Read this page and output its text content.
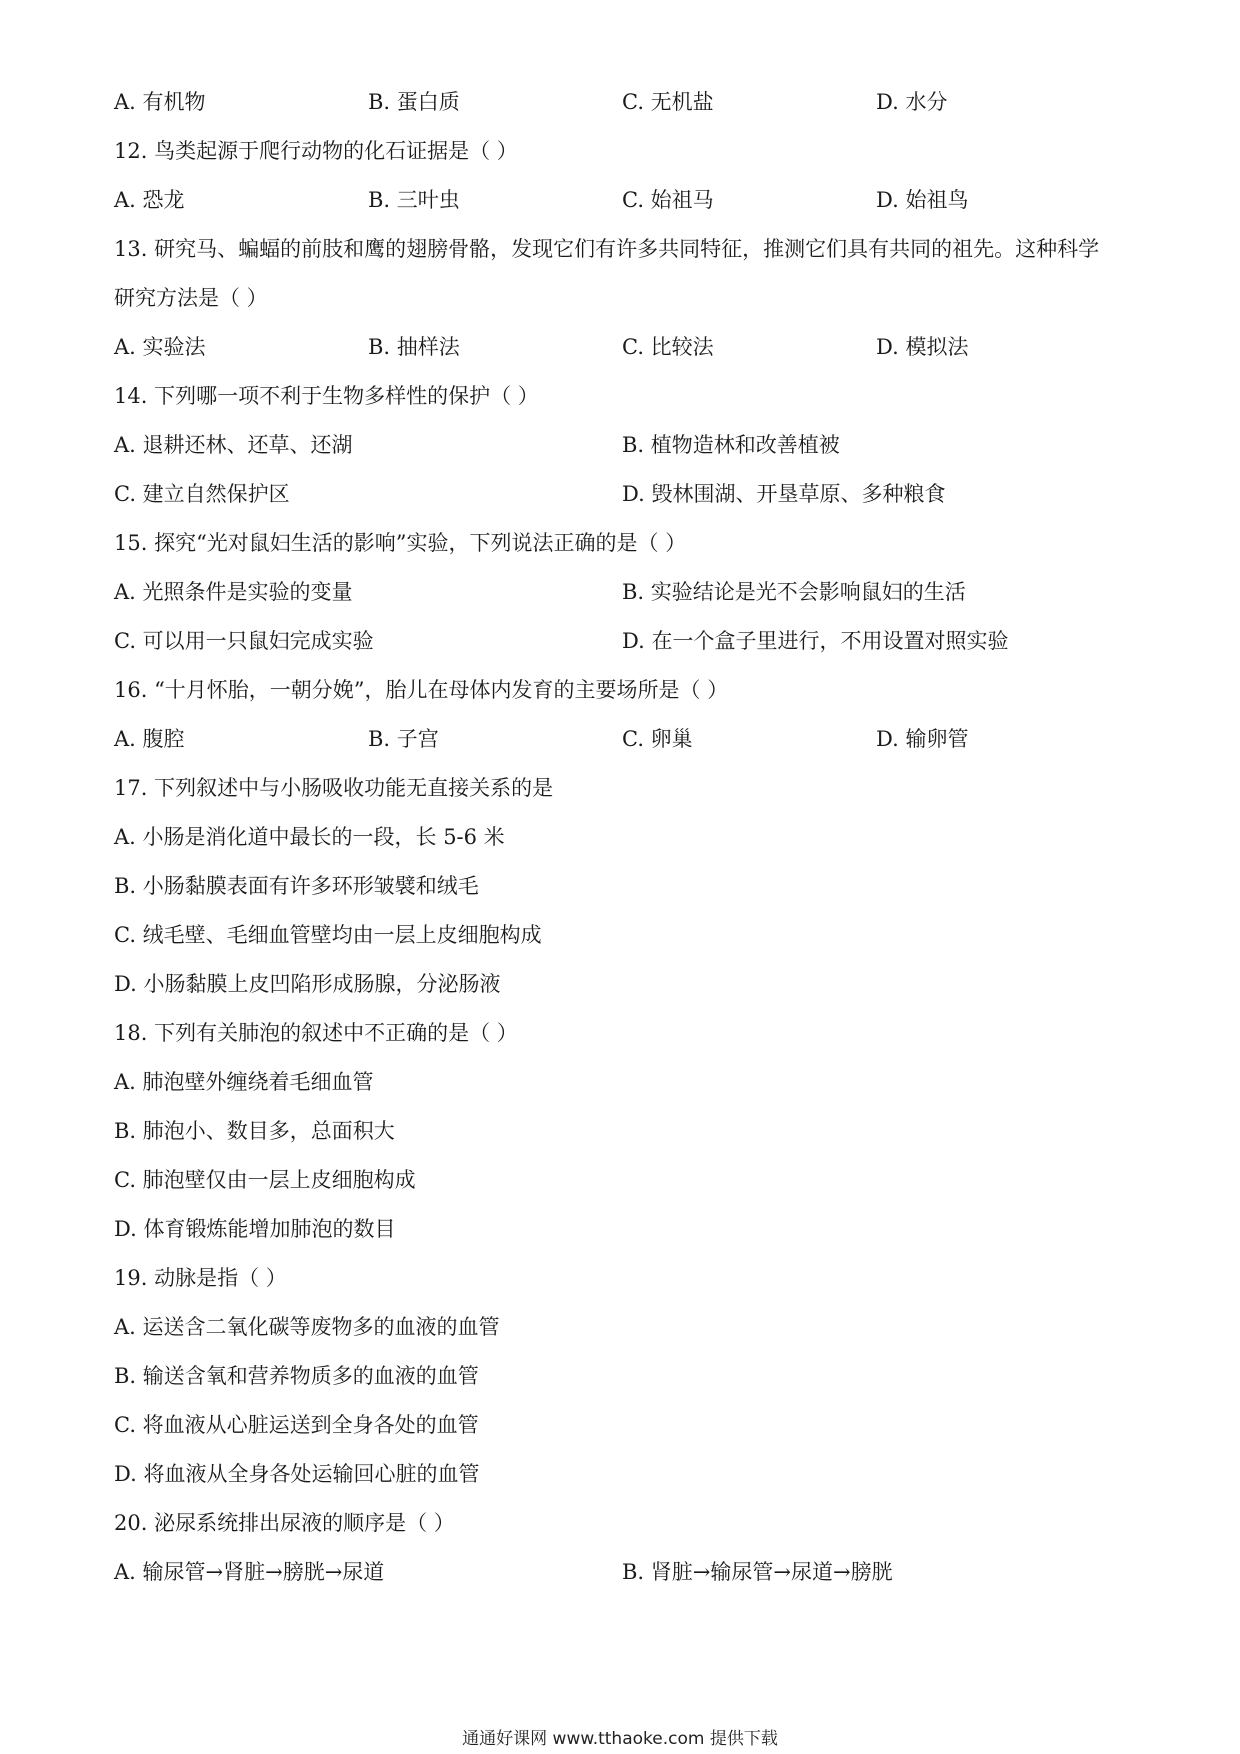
A. 有机物	B. 蛋白质	C. 无机盐	D. 水分
12. 鸟类起源于爬行动物的化石证据是（ ）
A. 恐龙	B. 三叶虫	C. 始祖马	D. 始祖鸟
13. 研究马、蝙蝠的前肢和鹰的翅膀骨骼，发现它们有许多共同特征，推测它们具有共同的祖先。这种科学
研究方法是（ ）
A. 实验法	B. 抽样法	C. 比较法	D. 模拟法
14. 下列哪一项不利于生物多样性的保护（ ）
A. 退耕还林、还草、还湖	B. 植物造林和改善植被
C. 建立自然保护区	D. 毁林围湖、开垦草原、多种粮食
15. 探究“光对鼠妇生活的影响”实验，下列说法正确的是（ ）
A. 光照条件是实验的变量	B. 实验结论是光不会影响鼠妇的生活
C. 可以用一只鼠妇完成实验	D. 在一个盒子里进行，不用设置对照实验
16. “十月怀胎，一朝分娩”，胎儿在母体内发育的主要场所是（ ）
A. 腹腔	B. 子宫	C. 卵巢	D. 输卵管
17. 下列叙述中与小肠吸收功能无直接关系的是
A. 小肠是消化道中最长的一段，长 5-6 米
B. 小肠黏膜表面有许多环形皱襞和绒毛
C. 绒毛壁、毛细血管壁均由一层上皮细胞构成
D. 小肠黏膜上皮凹陷形成肠腺，分泌肠液
18. 下列有关肺泡的叙述中不正确的是（ ）
A. 肺泡壁外缠绕着毛细血管
B. 肺泡小、数目多，总面积大
C. 肺泡壁仅由一层上皮细胞构成
D. 体育锻炼能增加肺泡的数目
19. 动脉是指（ ）
A. 运送含二氧化碳等废物多的血液的血管
B. 输送含氧和营养物质多的血液的血管
C. 将血液从心脏运送到全身各处的血管
D. 将血液从全身各处运输回心脏的血管
20. 泌尿系统排出尿液的顺序是（ ）
A. 输尿管→肾脏→膀胱→尿道	B. 肾脏→输尿管→尿道→膀胱
通通好课网 www.tthaoke.com 提供下载
